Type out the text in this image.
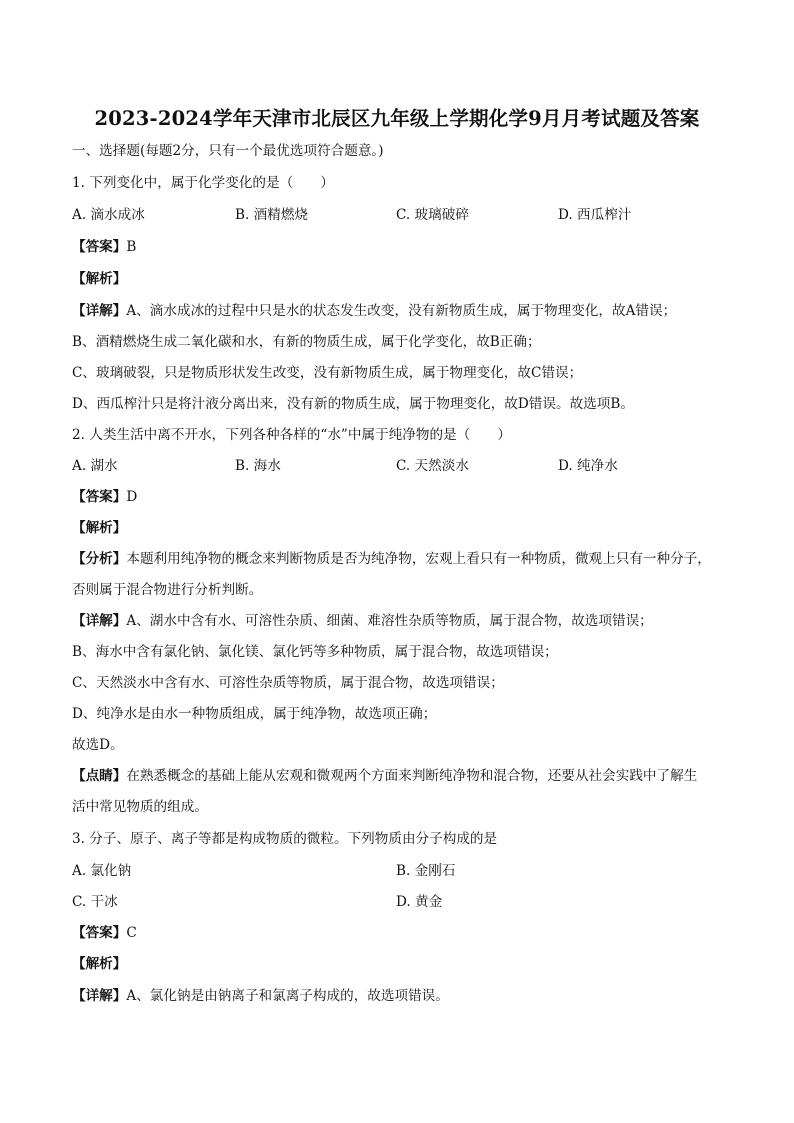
2023-2024学年天津市北辰区九年级上学期化学9月月考试题及答案
一、选择题(每题2分，只有一个最优选项符合题意。)
1. 下列变化中，属于化学变化的是（　　）
A. 滴水成冰	B. 酒精燃烧	C. 玻璃破碎	D. 西瓜榨汁
【答案】B
【解析】
【详解】A、滴水成冰的过程中只是水的状态发生改变，没有新物质生成，属于物理变化，故A错误；
B、酒精燃烧生成二氧化碳和水，有新的物质生成，属于化学变化，故B正确；
C、玻璃破裂，只是物质形状发生改变，没有新物质生成，属于物理变化，故C错误；
D、西瓜榨汁只是将汁液分离出来，没有新的物质生成，属于物理变化，故D错误。故选项B。
2. 人类生活中离不开水，下列各种各样的“水”中属于纯净物的是（　　）
A. 湖水	B. 海水	C. 天然淡水	D. 纯净水
【答案】D
【解析】
【分析】本题利用纯净物的概念来判断物质是否为纯净物，宏观上看只有一种物质，微观上只有一种分子，
否则属于混合物进行分析判断。
【详解】A、湖水中含有水、可溶性杂质、细菌、难溶性杂质等物质，属于混合物，故选项错误；
B、海水中含有氯化钠、氯化镁、氯化钙等多种物质，属于混合物，故选项错误；
C、天然淡水中含有水、可溶性杂质等物质，属于混合物，故选项错误；
D、纯净水是由水一种物质组成，属于纯净物，故选项正确；
故选D。
【点睛】在熟悉概念的基础上能从宏观和微观两个方面来判断纯净物和混合物，还要从社会实践中了解生
活中常见物质的组成。
3. 分子、原子、离子等都是构成物质的微粒。下列物质由分子构成的是
A. 氯化钠	B. 金刚石
C. 干冰	D. 黄金
【答案】C
【解析】
【详解】A、氯化钠是由钠离子和氯离子构成的，故选项错误。
